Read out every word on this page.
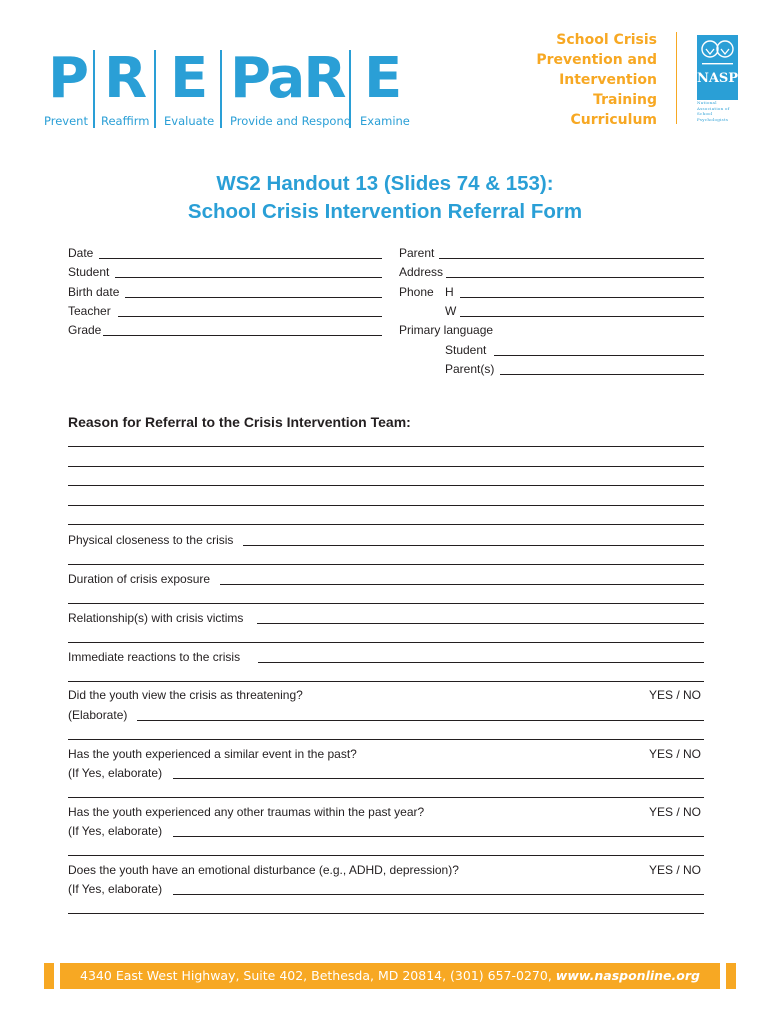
P R E PaR E
Prevent Reaffirm Evaluate Provide and Respond Examine
School Crisis
Prevention and
Intervention
Training
Curriculum
NASP
National
Association of
School
Psychologists
WS2 Handout 13 (Slides 74 & 153):
School Crisis Intervention Referral Form
Date
Student
Birth date
Teacher
Grade
Parent
Address
Phone H
W
Primary language
Student
Parent(s)
Reason for Referral to the Crisis Intervention Team:
Physical closeness to the crisis
Duration of crisis exposure
Relationship(s) with crisis victims
Immediate reactions to the crisis
Did the youth view the crisis as threatening?	YES / NO
(Elaborate)
Has the youth experienced a similar event in the past?	YES / NO
(If Yes, elaborate)
Has the youth experienced any other traumas within the past year?	YES / NO
(If Yes, elaborate)
Does the youth have an emotional disturbance (e.g., ADHD, depression)?	YES / NO
(If Yes, elaborate)
4340 East West Highway, Suite 402, Bethesda, MD 20814, (301) 657-0270, www.nasponline.org
